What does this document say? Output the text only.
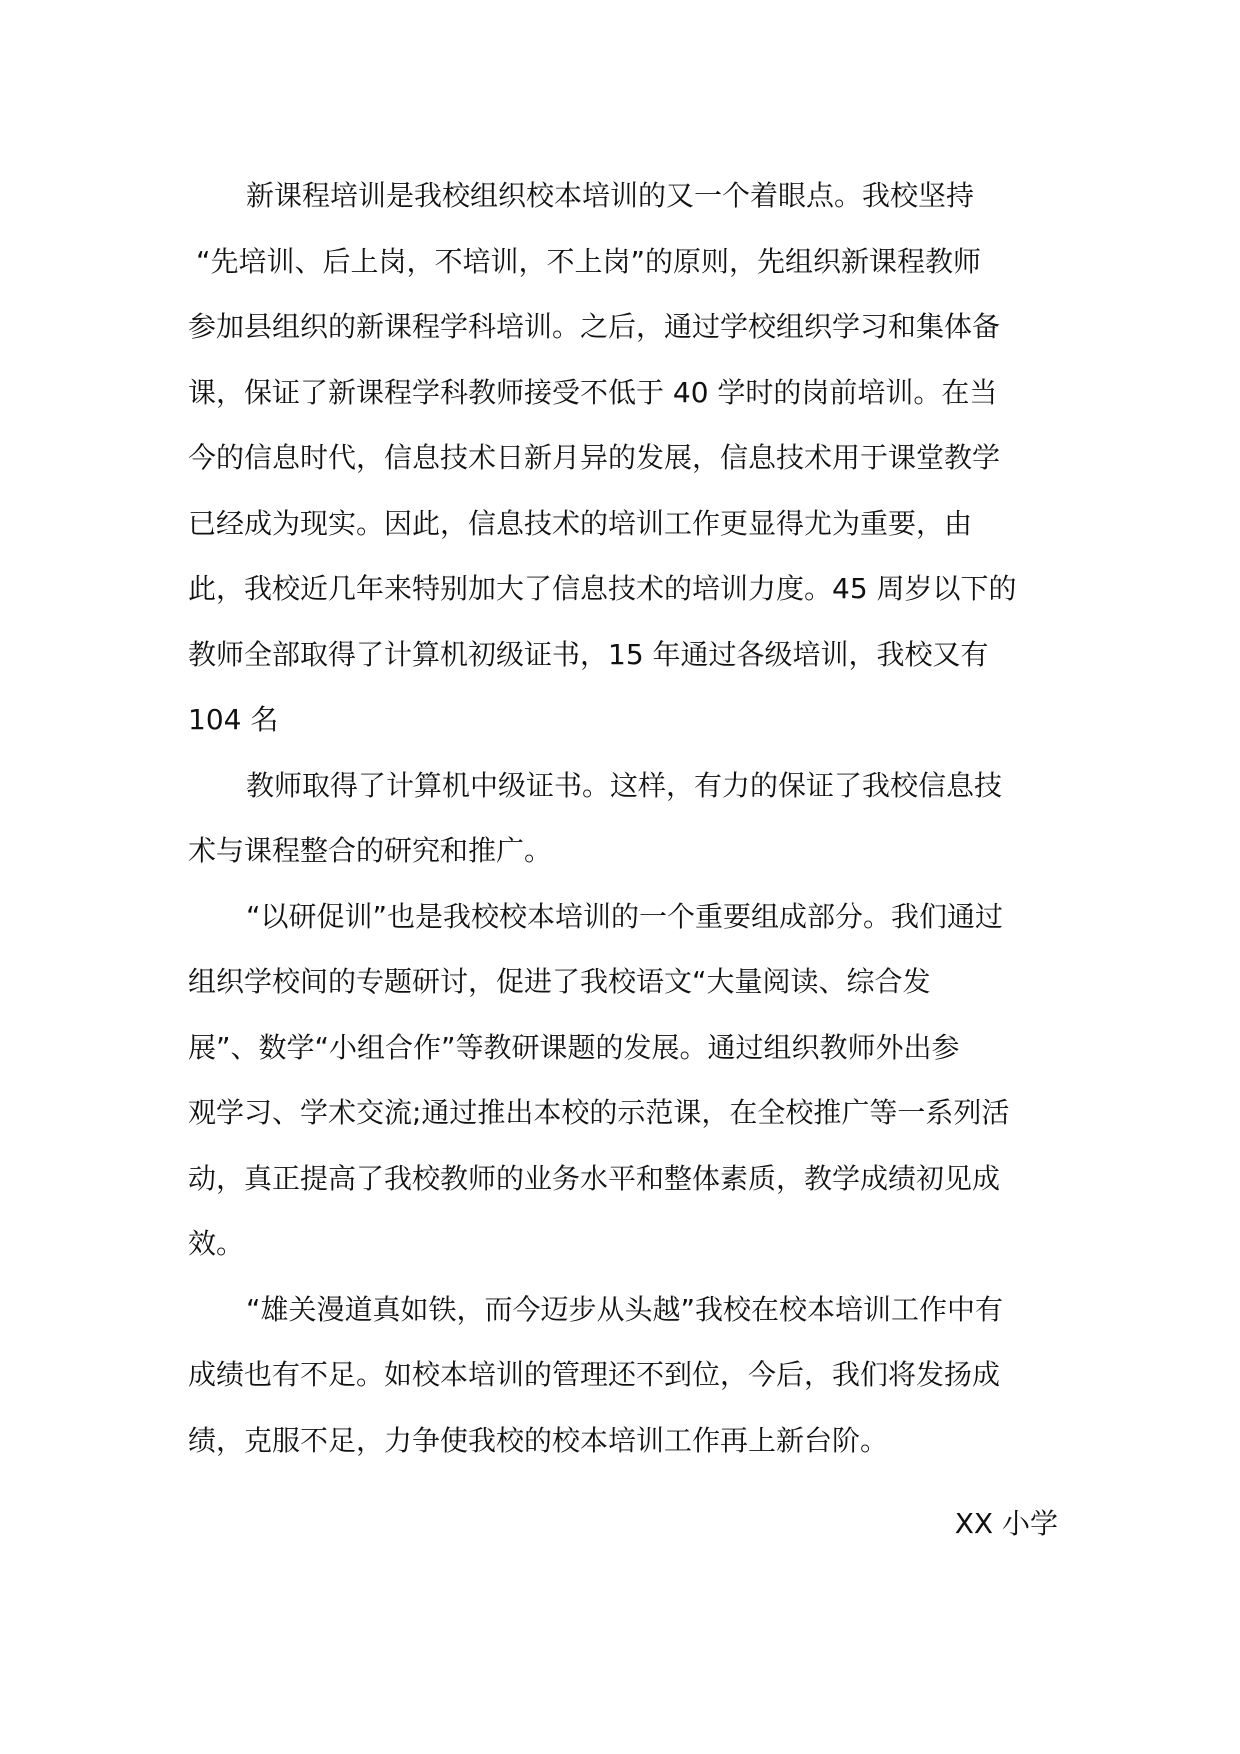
新课程培训是我校组织校本培训的又一个着眼点。我校坚持
“先培训、后上岗，不培训，不上岗”的原则，先组织新课程教师
参加县组织的新课程学科培训。之后，通过学校组织学习和集体备
课，保证了新课程学科教师接受不低于 40 学时的岗前培训。在当
今的信息时代，信息技术日新月异的发展，信息技术用于课堂教学
已经成为现实。因此，信息技术的培训工作更显得尤为重要，由
此，我校近几年来特别加大了信息技术的培训力度。45 周岁以下的
教师全部取得了计算机初级证书，15 年通过各级培训，我校又有
104 名
教师取得了计算机中级证书。这样，有力的保证了我校信息技
术与课程整合的研究和推广。
“以研促训”也是我校校本培训的一个重要组成部分。我们通过
组织学校间的专题研讨，促进了我校语文“大量阅读、综合发
展”、数学“小组合作”等教研课题的发展。通过组织教师外出参
观学习、学术交流;通过推出本校的示范课，在全校推广等一系列活
动，真正提高了我校教师的业务水平和整体素质，教学成绩初见成
效。
“雄关漫道真如铁，而今迈步从头越”我校在校本培训工作中有
成绩也有不足。如校本培训的管理还不到位，今后，我们将发扬成
绩，克服不足，力争使我校的校本培训工作再上新台阶。
XX 小学
